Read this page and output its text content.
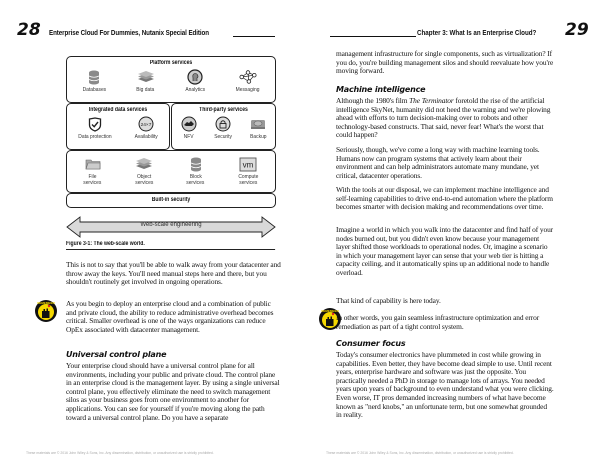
28 Enterprise Cloud For Dummies, Nutanix Special Edition
Platform services
Databases	Big data	Analytics	Messaging
Integrated data services
Data protection
24×7
Availability
Third-party services
NFV	Security	Backup
File
services
Object
services
Block
services
vm
Compute
services
Built-in security
Web-scale engineering
Figure 3-1: The web-scale world.
This is not to say that you'll be able to walk away from your datacenter and throw away the keys. You'll need manual steps here and there, but you shouldn't routinely get involved in ongoing operations.
REMEMBER As you begin to deploy an enterprise cloud and a combination of public and private cloud, the ability to reduce administrative overhead becomes critical. Smaller overhead is one of the ways organizations can reduce OpEx associated with datacenter management.
Universal control plane
Your enterprise cloud should have a universal control plane for all environments, including your public and private cloud. The control plane in an enterprise cloud is the management layer. By using a single universal control plane, you effectively eliminate the need to switch management silos as your business goes from one environment to another for applications. You can see for yourself if you're moving along the path toward a universal control plane. Do you have a separate
These materials are © 2016 John Wiley & Sons, Inc. Any dissemination, distribution, or unauthorized use is strictly prohibited.
Chapter 3: What Is an Enterprise Cloud? 29
management infrastructure for single components, such as virtualization? If you do, you're building management silos and should reevaluate how you're moving forward.
Machine intelligence
Although the 1980's film The Terminator foretold the rise of the artificial intelligence SkyNet, humanity did not heed the warning and we're plowing ahead with efforts to turn decision-making over to robots and other technology-based constructs. That said, never fear! What's the worst that could happen?
Seriously, though, we've come a long way with machine learning tools. Humans now can program systems that actively learn about their environment and can help administrators automate many mundane, yet critical, datacenter operations.
With the tools at our disposal, we can implement machine intelligence and self-learning capabilities to drive end-to-end automation where the platform becomes smarter with decision making and recommendations over time.
Imagine a world in which you walk into the datacenter and find half of your nodes burned out, but you didn't even know because your management layer shifted those workloads to operational nodes. Or, imagine a scenario in which your management layer can sense that your web tier is hitting a capacity ceiling, and it automatically spins up an additional node to handle overload.
That kind of capability is here today.
REMEMBER
In other words, you gain seamless infrastructure optimization and error remediation as part of a tight control system.
Consumer focus
Today's consumer electronics have plummeted in cost while growing in capabilities. Even better, they have become dead simple to use. Until recent years, enterprise hardware and software was just the opposite. You practically needed a PhD in storage to manage lots of arrays. You needed years upon years of background to even understand what you were clicking. Even worse, IT pros demanded increasing numbers of what have become known as "nerd knobs," an unfortunate term, but one somewhat grounded in reality.
These materials are © 2016 John Wiley & Sons, Inc. Any dissemination, distribution, or unauthorized use is strictly prohibited.
